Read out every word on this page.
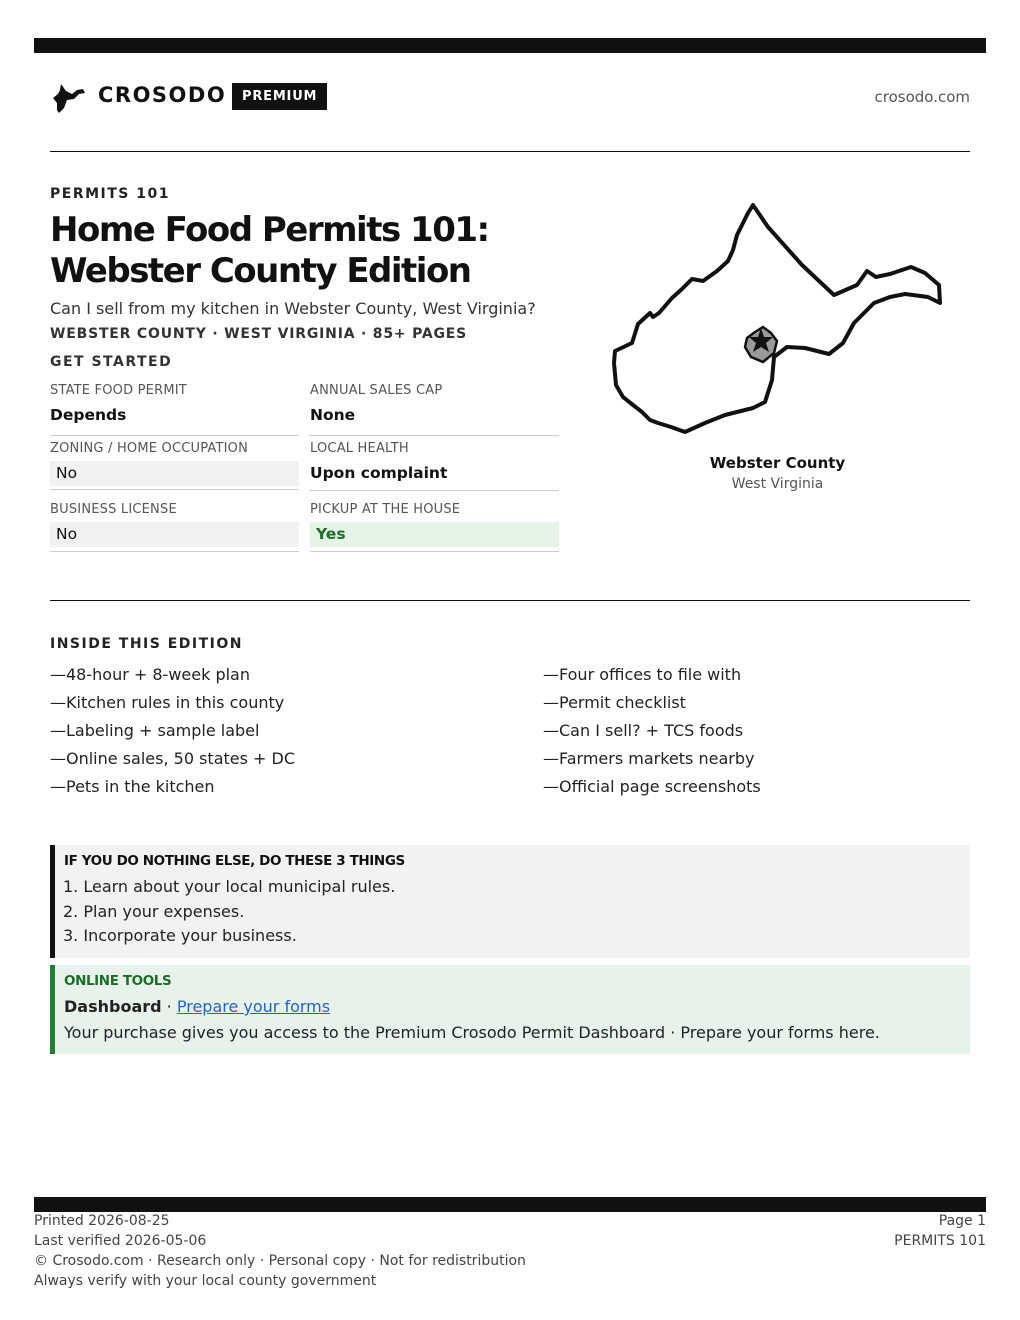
CROSODO	PREMIUM	crosodo.com
PERMITS 101
Home Food Permits 101:
Webster County Edition
Can I sell from my kitchen in Webster County, West Virginia?
WEBSTER COUNTY · WEST VIRGINIA · 85+ PAGES
GET STARTED
STATE FOOD PERMIT
Depends
ANNUAL SALES CAP
None
ZONING / HOME OCCUPATION
No
LOCAL HEALTH
Upon complaint
BUSINESS LICENSE
No
PICKUP AT THE HOUSE
Yes
Webster County
West Virginia
INSIDE THIS EDITION
—48-hour + 8-week plan
—Kitchen rules in this county
—Labeling + sample label
—Online sales, 50 states + DC
—Pets in the kitchen
—Four offices to file with
—Permit checklist
—Can I sell? + TCS foods
—Farmers markets nearby
—Official page screenshots
IF YOU DO NOTHING ELSE, DO THESE 3 THINGS
1. Learn about your local municipal rules.
2. Plan your expenses.
3. Incorporate your business.
ONLINE TOOLS
Dashboard · Prepare your forms
Your purchase gives you access to the Premium Crosodo Permit Dashboard · Prepare your forms here.
Printed 2026-08-25
Last verified 2026-05-06
© Crosodo.com · Research only · Personal copy · Not for redistribution
Always verify with your local county government
Page 1
PERMITS 101
